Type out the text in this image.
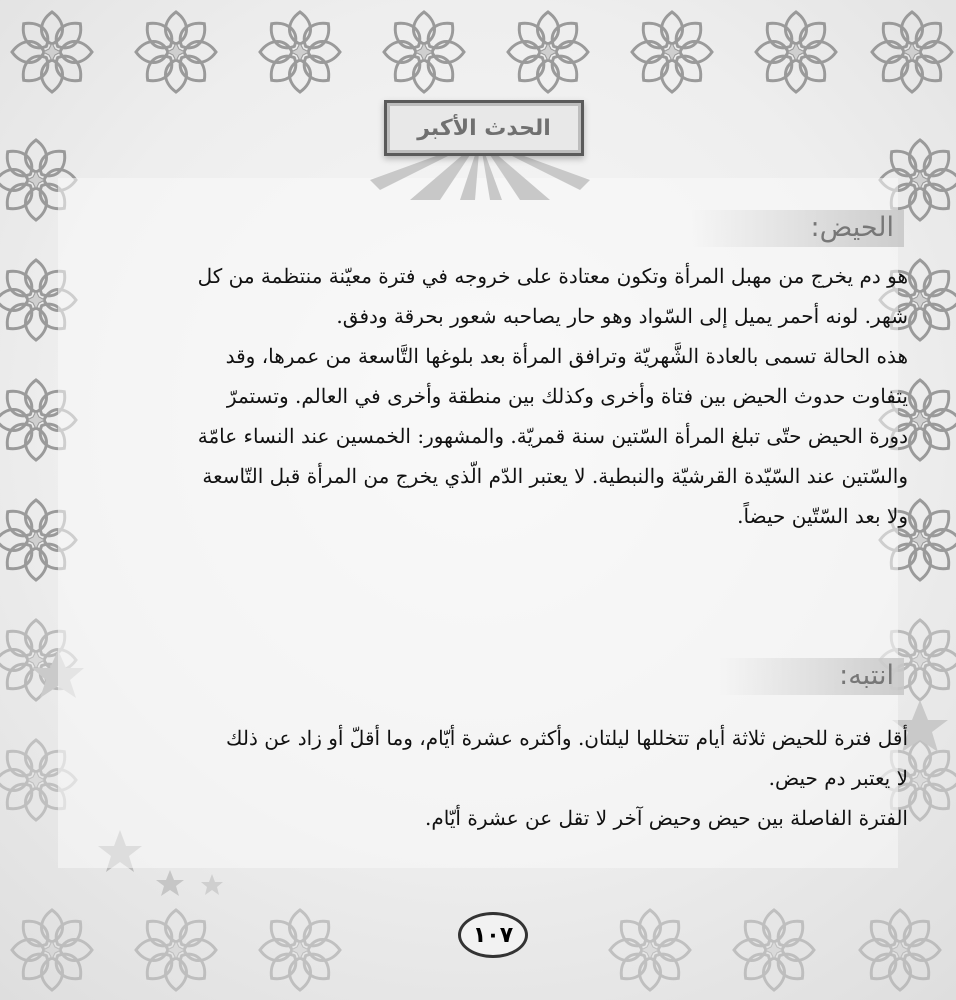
الحدث الأكبر
الحيض:
هو دم يخرج من مهبل المرأة وتكون معتادة على خروجه في فترة معيّنة منتظمة من كل
شهر. لونه أحمر يميل إلى السّواد وهو حار يصاحبه شعور بحرقة ودفق.
هذه الحالة تسمى بالعادة الشَّهريّة وترافق المرأة بعد بلوغها التَّاسعة من عمرها، وقد
يتفاوت حدوث الحيض بين فتاة وأخرى وكذلك بين منطقة وأخرى في العالم. وتستمرّ
دورة الحيض حتّى تبلغ المرأة السّتين سنة قمريّة. والمشهور: الخمسين عند النساء عامّة
والسّتين عند السّيّدة القرشيّة والنبطية. لا يعتبر الدّم الّذي يخرج من المرأة قبل التّاسعة
ولا بعد السّتّين حيضاً.
انتبه:
أقل فترة للحيض ثلاثة أيام تتخللها ليلتان. وأكثره عشرة أيّام، وما أقلّ أو زاد عن ذلك
لا يعتبر دم حيض.
الفترة الفاصلة بين حيض وحيض آخر لا تقل عن عشرة أيّام.
١٠٧
